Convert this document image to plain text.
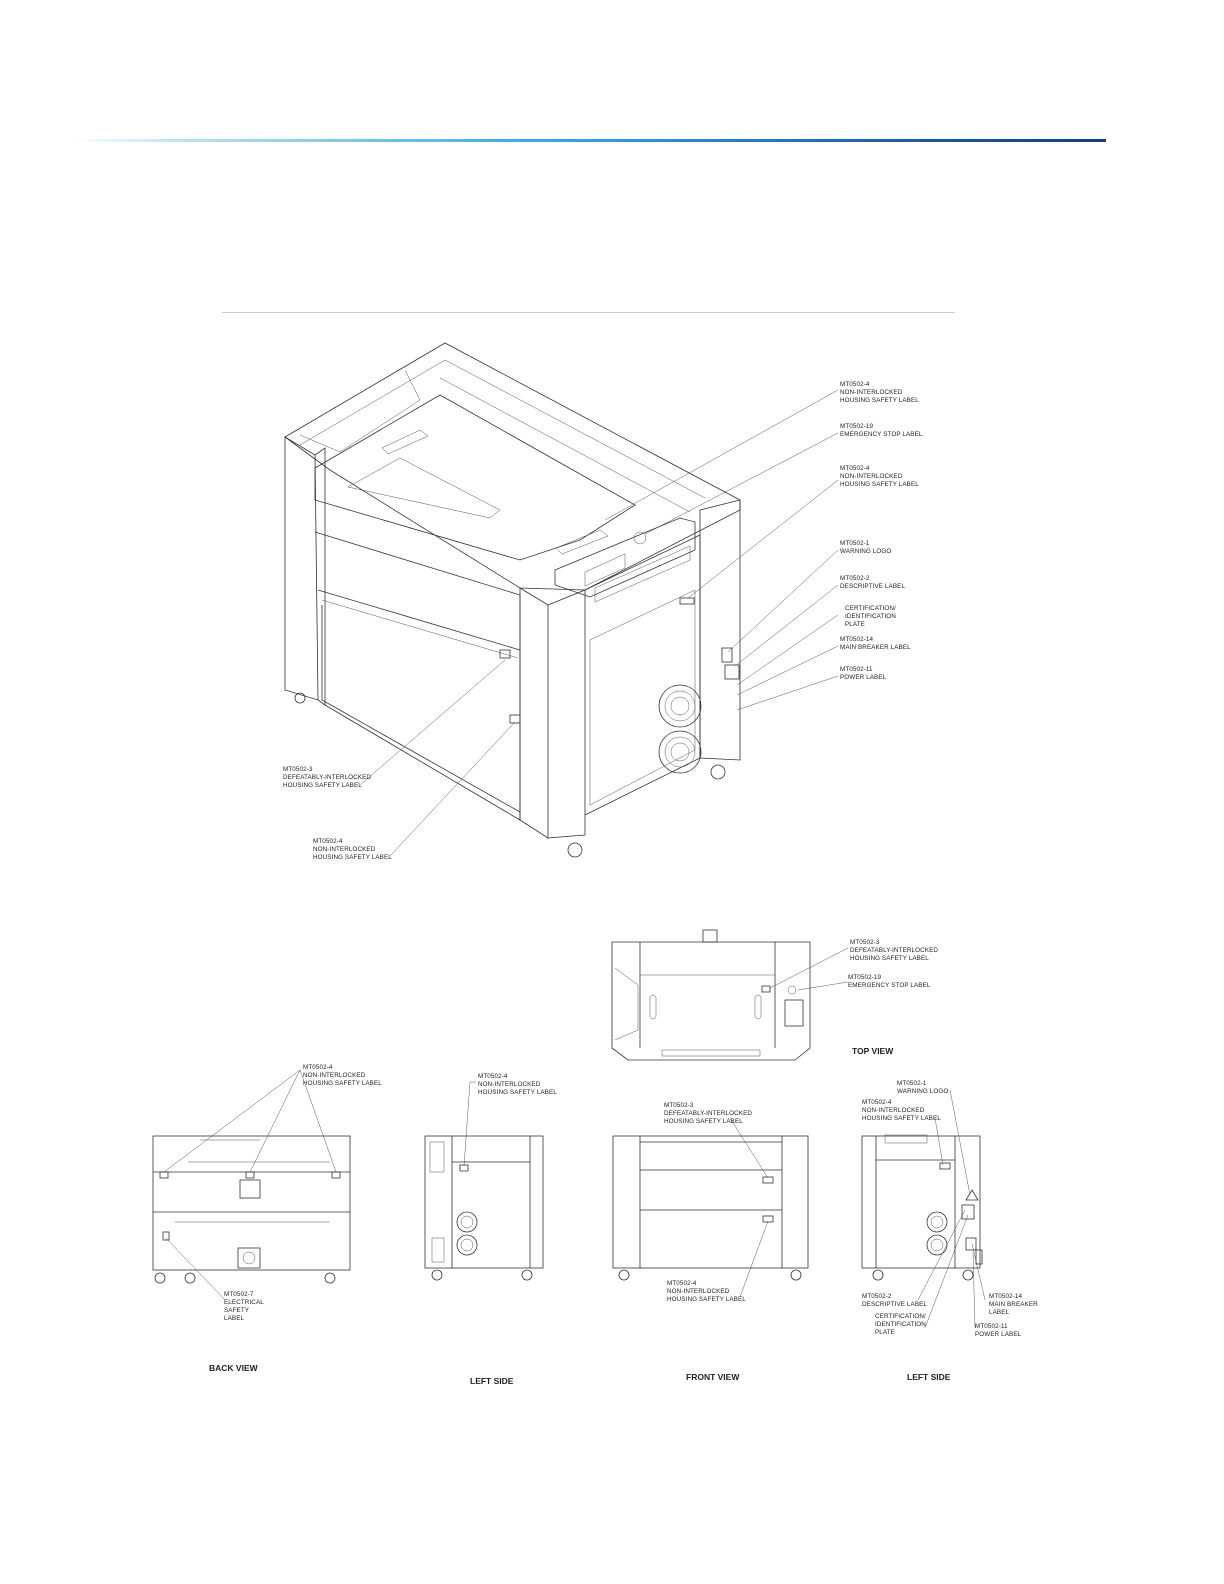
MT0502-4
NON-INTERLOCKED
HOUSING SAFETY LABEL
MT0502-19
EMERGENCY STOP LABEL
MT0502-4
NON-INTERLOCKED
HOUSING SAFETY LABEL
MT0502-1
WARNING LOGO
MT0502-2
DESCRIPTIVE LABEL
CERTIFICATION/
IDENTIFICATION
PLATE
MT0502-14
MAIN BREAKER LABEL
MT0502-11
POWER LABEL
MT0502-3
DEFEATABLY-INTERLOCKED
HOUSING SAFETY LABEL
MT0502-4
NON-INTERLOCKED
HOUSING SAFETY LABEL
MT0502-3
DEFEATABLY-INTERLOCKED
HOUSING SAFETY LABEL
MT0502-19
EMERGENCY STOP LABEL
TOP VIEW
MT0502-4
NON-INTERLOCKED
HOUSING SAFETY LABEL
MT0502-7
ELECTRICAL
SAFETY
LABEL
BACK VIEW
MT0502-4
NON-INTERLOCKED
HOUSING SAFETY LABEL
LEFT SIDE
MT0502-3
DEFEATABLY-INTERLOCKED
HOUSING SAFETY LABEL
MT0502-4
NON-INTERLOCKED
HOUSING SAFETY LABEL
FRONT VIEW
MT0502-1
WARNING LOGO
MT0502-4
NON-INTERLOCKED
HOUSING SAFETY LABEL
MT0502-2
DESCRIPTIVE LABEL
CERTIFICATION/
IDENTIFICATION
PLATE
MT0502-14
MAIN BREAKER
LABEL
MT0502-11
POWER LABEL
LEFT SIDE
